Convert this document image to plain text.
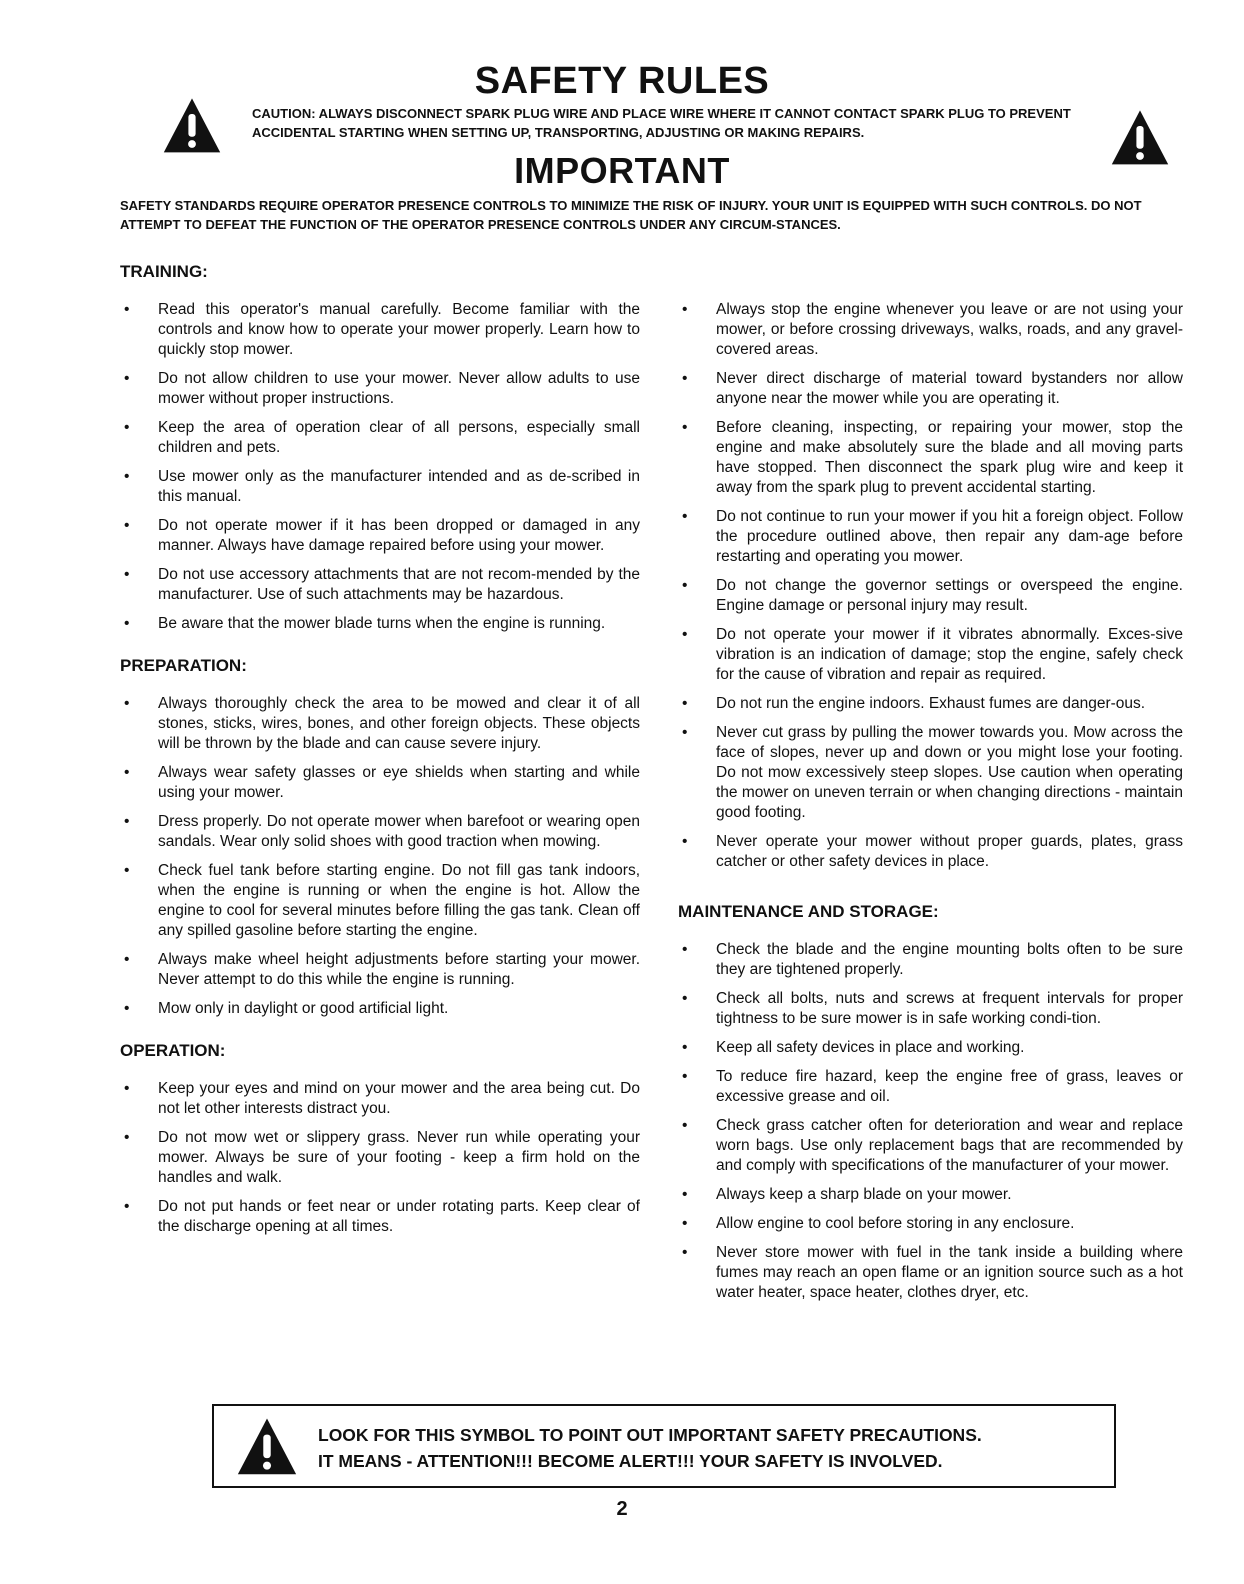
SAFETY RULES
CAUTION: ALWAYS DISCONNECT SPARK PLUG WIRE AND PLACE WIRE WHERE IT CANNOT CONTACT SPARK PLUG TO PREVENT ACCIDENTAL STARTING WHEN SETTING UP, TRANSPORTING, ADJUSTING OR MAKING REPAIRS.
IMPORTANT
SAFETY STANDARDS REQUIRE OPERATOR PRESENCE CONTROLS TO MINIMIZE THE RISK OF INJURY. YOUR UNIT IS EQUIPPED WITH SUCH CONTROLS. DO NOT ATTEMPT TO DEFEAT THE FUNCTION OF THE OPERATOR PRESENCE CONTROLS UNDER ANY CIRCUM-STANCES.
TRAINING:
• Read this operator's manual carefully. Become familiar with the controls and know how to operate your mower properly. Learn how to quickly stop mower.
• Do not allow children to use your mower. Never allow adults to use mower without proper instructions.
• Keep the area of operation clear of all persons, especially small children and pets.
• Use mower only as the manufacturer intended and as de-scribed in this manual.
• Do not operate mower if it has been dropped or damaged in any manner. Always have damage repaired before using your mower.
• Do not use accessory attachments that are not recom-mended by the manufacturer. Use of such attachments may be hazardous.
• Be aware that the mower blade turns when the engine is running.
PREPARATION:
• Always thoroughly check the area to be mowed and clear it of all stones, sticks, wires, bones, and other foreign objects. These objects will be thrown by the blade and can cause severe injury.
• Always wear safety glasses or eye shields when starting and while using your mower.
• Dress properly. Do not operate mower when barefoot or wearing open sandals. Wear only solid shoes with good traction when mowing.
• Check fuel tank before starting engine. Do not fill gas tank indoors, when the engine is running or when the engine is hot. Allow the engine to cool for several minutes before filling the gas tank. Clean off any spilled gasoline before starting the engine.
• Always make wheel height adjustments before starting your mower. Never attempt to do this while the engine is running.
• Mow only in daylight or good artificial light.
OPERATION:
• Keep your eyes and mind on your mower and the area being cut. Do not let other interests distract you.
• Do not mow wet or slippery grass. Never run while operating your mower. Always be sure of your footing - keep a firm hold on the handles and walk.
• Do not put hands or feet near or under rotating parts. Keep clear of the discharge opening at all times.
• Always stop the engine whenever you leave or are not using your mower, or before crossing driveways, walks, roads, and any gravel-covered areas.
• Never direct discharge of material toward bystanders nor allow anyone near the mower while you are operating it.
• Before cleaning, inspecting, or repairing your mower, stop the engine and make absolutely sure the blade and all moving parts have stopped. Then disconnect the spark plug wire and keep it away from the spark plug to prevent accidental starting.
• Do not continue to run your mower if you hit a foreign object. Follow the procedure outlined above, then repair any dam-age before restarting and operating you mower.
• Do not change the governor settings or overspeed the engine. Engine damage or personal injury may result.
• Do not operate your mower if it vibrates abnormally. Exces-sive vibration is an indication of damage; stop the engine, safely check for the cause of vibration and repair as required.
• Do not run the engine indoors. Exhaust fumes are danger-ous.
• Never cut grass by pulling the mower towards you. Mow across the face of slopes, never up and down or you might lose your footing. Do not mow excessively steep slopes. Use caution when operating the mower on uneven terrain or when changing directions - maintain good footing.
• Never operate your mower without proper guards, plates, grass catcher or other safety devices in place.
MAINTENANCE AND STORAGE:
• Check the blade and the engine mounting bolts often to be sure they are tightened properly.
• Check all bolts, nuts and screws at frequent intervals for proper tightness to be sure mower is in safe working condi-tion.
• Keep all safety devices in place and working.
• To reduce fire hazard, keep the engine free of grass, leaves or excessive grease and oil.
• Check grass catcher often for deterioration and wear and replace worn bags. Use only replacement bags that are recommended by and comply with specifications of the manufacturer of your mower.
• Always keep a sharp blade on your mower.
• Allow engine to cool before storing in any enclosure.
• Never store mower with fuel in the tank inside a building where fumes may reach an open flame or an ignition source such as a hot water heater, space heater, clothes dryer, etc.
LOOK FOR THIS SYMBOL TO POINT OUT IMPORTANT SAFETY PRECAUTIONS.
IT MEANS - ATTENTION!!! BECOME ALERT!!! YOUR SAFETY IS INVOLVED.
2
